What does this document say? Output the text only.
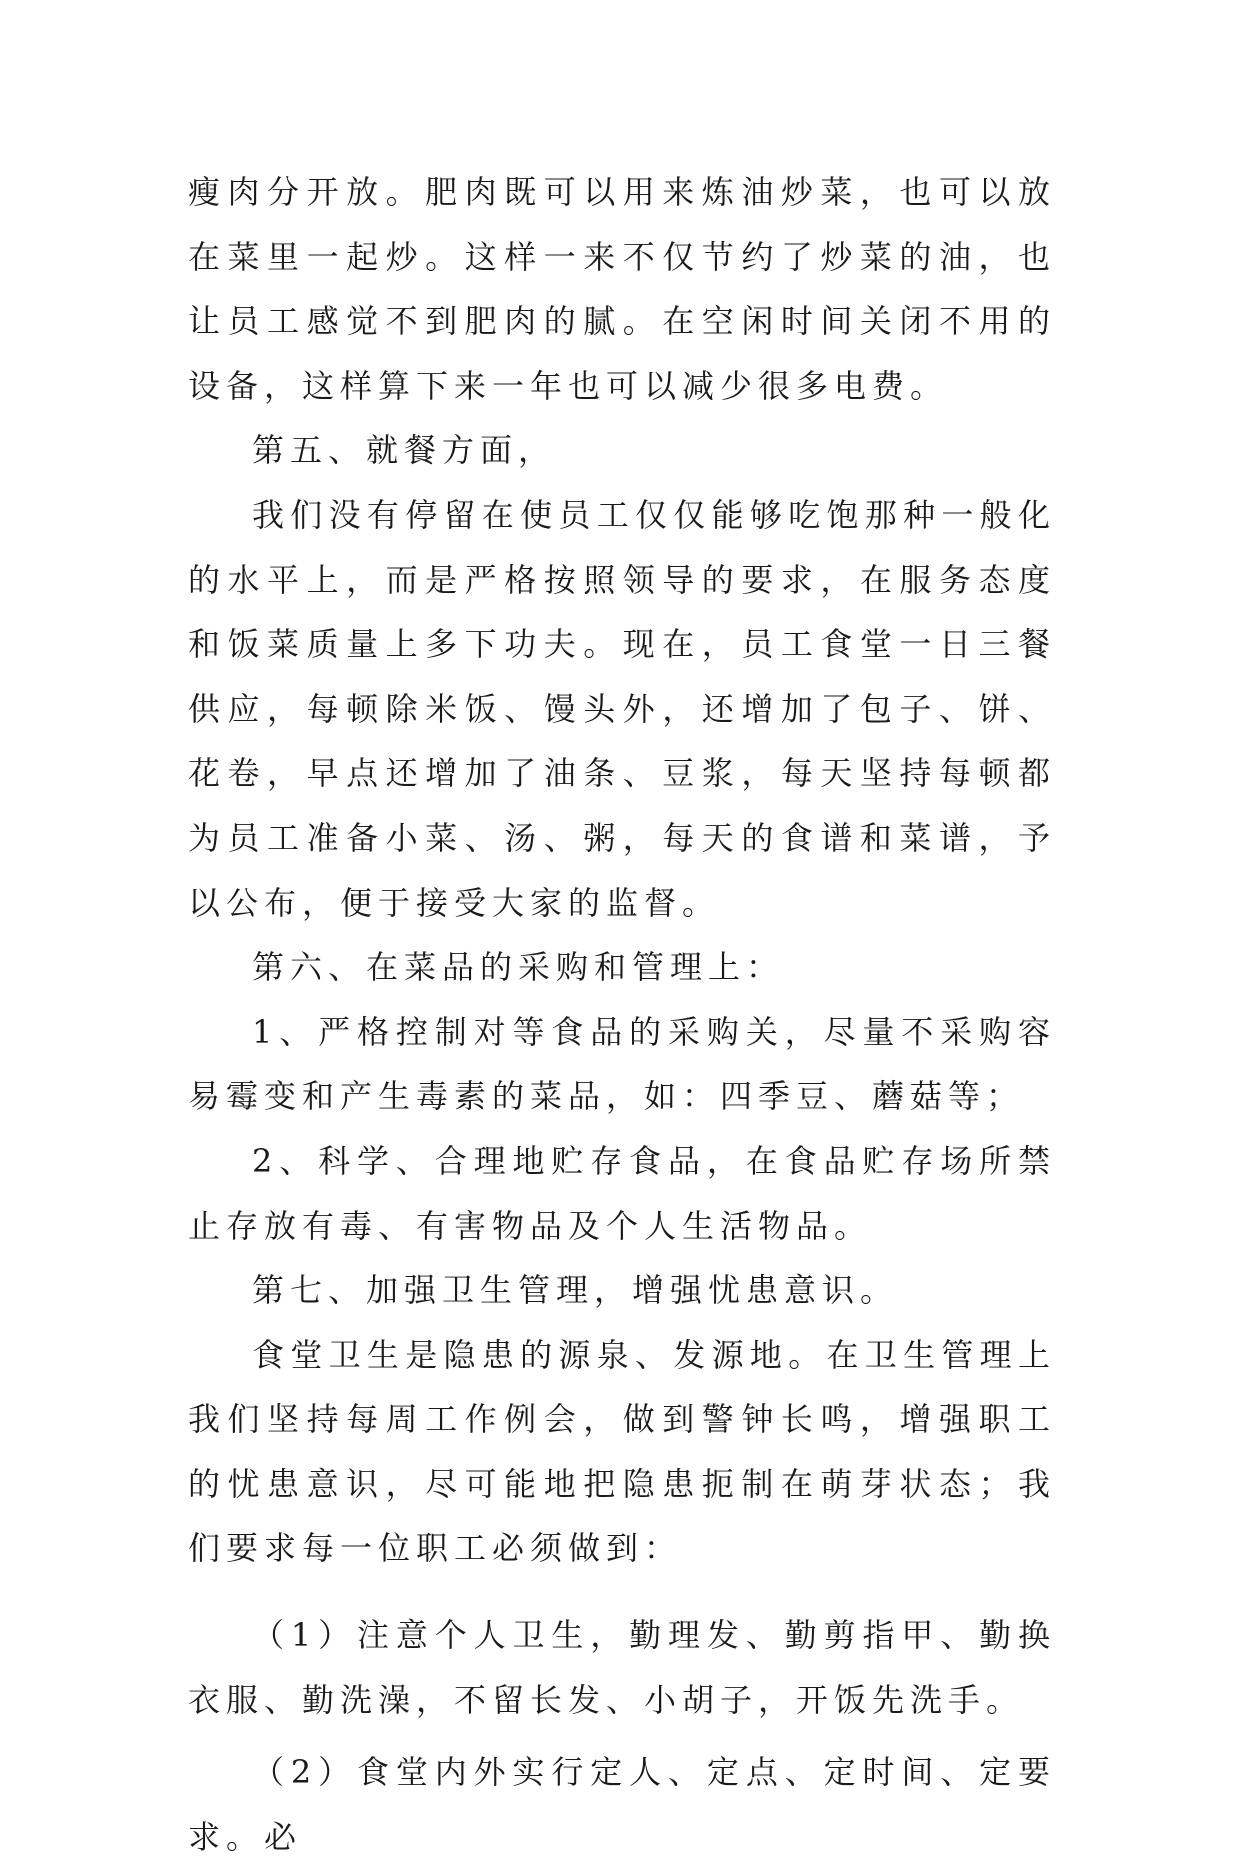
瘦肉分开放。肥肉既可以用来炼油炒菜，也可以放在菜里一起炒。这样一来不仅节约了炒菜的油，也让员工感觉不到肥肉的腻。在空闲时间关闭不用的设备，这样算下来一年也可以减少很多电费。

第五、就餐方面，

我们没有停留在使员工仅仅能够吃饱那种一般化的水平上，而是严格按照领导的要求，在服务态度和饭菜质量上多下功夫。现在，员工食堂一日三餐供应，每顿除米饭、馒头外，还增加了包子、饼、花卷，早点还增加了油条、豆浆，每天坚持每顿都为员工准备小菜、汤、粥，每天的食谱和菜谱，予以公布，便于接受大家的监督。

第六、在菜品的采购和管理上：

1、严格控制对等食品的采购关，尽量不采购容易霉变和产生毒素的菜品，如：四季豆、蘑菇等；

2、科学、合理地贮存食品，在食品贮存场所禁止存放有毒、有害物品及个人生活物品。

第七、加强卫生管理，增强忧患意识。

食堂卫生是隐患的源泉、发源地。在卫生管理上我们坚持每周工作例会，做到警钟长鸣，增强职工的忧患意识，尽可能地把隐患扼制在萌芽状态；我们要求每一位职工必须做到：

（1）注意个人卫生，勤理发、勤剪指甲、勤换衣服、勤洗澡，不留长发、小胡子，开饭先洗手。

（2）食堂内外实行定人、定点、定时间、定要求。必
